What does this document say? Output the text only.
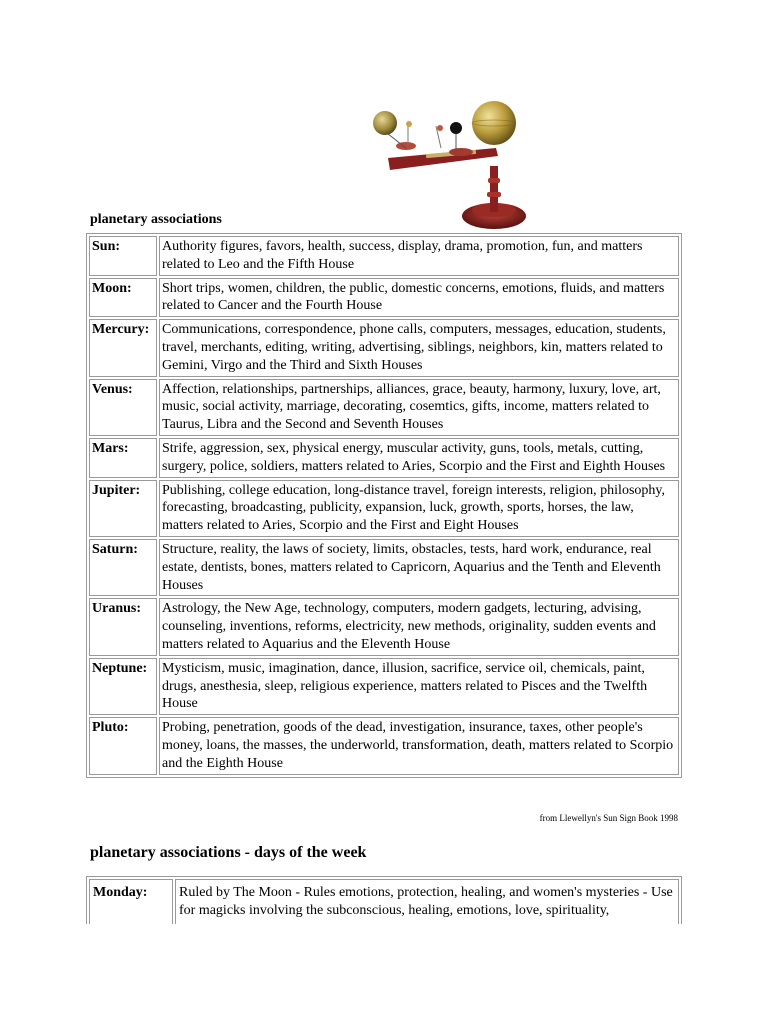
planetary associations
Sun:	Authority figures, favors, health, success, display, drama, promotion, fun, and matters related to Leo and the Fifth House
Moon:	Short trips, women, children, the public, domestic concerns, emotions, fluids, and matters related to Cancer and the Fourth House
Mercury:	Communications, correspondence, phone calls, computers, messages, education, students, travel, merchants, editing, writing, advertising, siblings, neighbors, kin, matters related to Gemini, Virgo and the Third and Sixth Houses
Venus:	Affection, relationships, partnerships, alliances, grace, beauty, harmony, luxury, love, art, music, social activity, marriage, decorating, cosemtics, gifts, income, matters related to Taurus, Libra and the Second and Seventh Houses
Mars:	Strife, aggression, sex, physical energy, muscular activity, guns, tools, metals, cutting, surgery, police, soldiers, matters related to Aries, Scorpio and the First and Eighth Houses
Jupiter:	Publishing, college education, long-distance travel, foreign interests, religion, philosophy, forecasting, broadcasting, publicity, expansion, luck, growth, sports, horses, the law, matters related to Aries, Scorpio and the First and Eight Houses
Saturn:	Structure, reality, the laws of society, limits, obstacles, tests, hard work, endurance, real estate, dentists, bones, matters related to Capricorn, Aquarius and the Tenth and Eleventh Houses
Uranus:	Astrology, the New Age, technology, computers, modern gadgets, lecturing, advising, counseling, inventions, reforms, electricity, new methods, originality, sudden events and matters related to Aquarius and the Eleventh House
Neptune:	Mysticism, music, imagination, dance, illusion, sacrifice, service oil, chemicals, paint, drugs, anesthesia, sleep, religious experience, matters related to Pisces and the Twelfth House
Pluto:	Probing, penetration, goods of the dead, investigation, insurance, taxes, other people's money, loans, the masses, the underworld, transformation, death, matters related to Scorpio and the Eighth House

from Llewellyn's Sun Sign Book 1998

planetary associations - days of the week
Monday:	Ruled by The Moon - Rules emotions, protection, healing, and women's mysteries - Use for magicks involving the subconscious, healing, emotions, love, spirituality,
